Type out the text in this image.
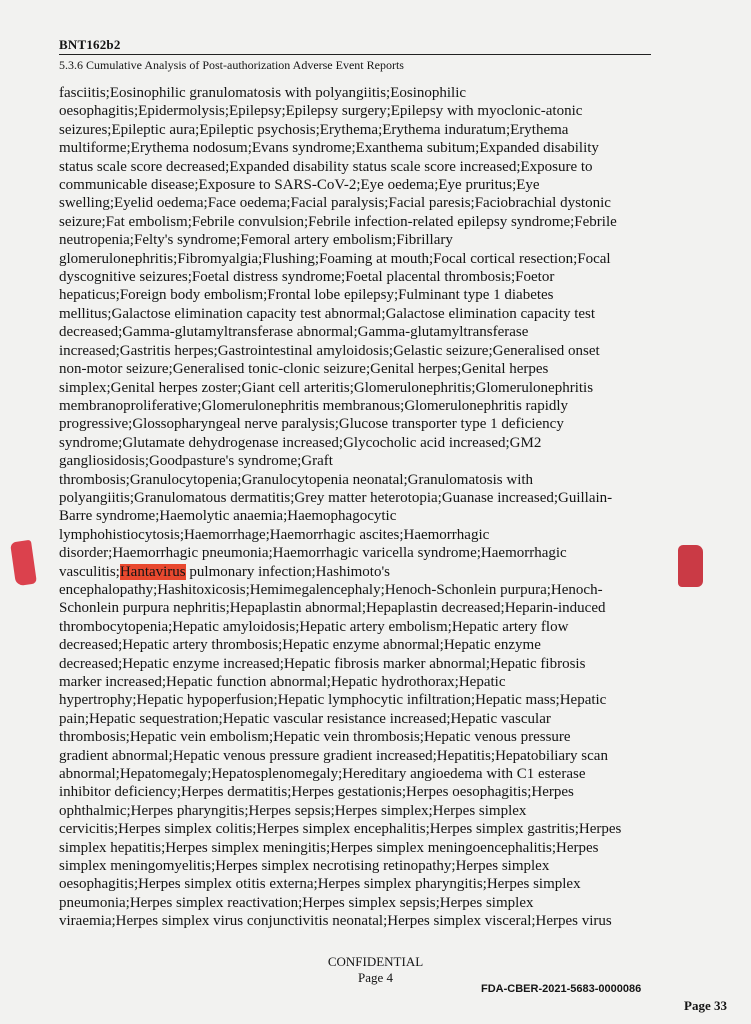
BNT162b2
5.3.6 Cumulative Analysis of Post-authorization Adverse Event Reports
fasciitis;Eosinophilic granulomatosis with polyangiitis;Eosinophilic
oesophagitis;Epidermolysis;Epilepsy;Epilepsy surgery;Epilepsy with myoclonic-atonic
seizures;Epileptic aura;Epileptic psychosis;Erythema;Erythema induratum;Erythema
multiforme;Erythema nodosum;Evans syndrome;Exanthema subitum;Expanded disability
status scale score decreased;Expanded disability status scale score increased;Exposure to
communicable disease;Exposure to SARS-CoV-2;Eye oedema;Eye pruritus;Eye
swelling;Eyelid oedema;Face oedema;Facial paralysis;Facial paresis;Faciobrachial dystonic
seizure;Fat embolism;Febrile convulsion;Febrile infection-related epilepsy syndrome;Febrile
neutropenia;Felty's syndrome;Femoral artery embolism;Fibrillary
glomerulonephritis;Fibromyalgia;Flushing;Foaming at mouth;Focal cortical resection;Focal
dyscognitive seizures;Foetal distress syndrome;Foetal placental thrombosis;Foetor
hepaticus;Foreign body embolism;Frontal lobe epilepsy;Fulminant type 1 diabetes
mellitus;Galactose elimination capacity test abnormal;Galactose elimination capacity test
decreased;Gamma-glutamyltransferase abnormal;Gamma-glutamyltransferase
increased;Gastritis herpes;Gastrointestinal amyloidosis;Gelastic seizure;Generalised onset
non-motor seizure;Generalised tonic-clonic seizure;Genital herpes;Genital herpes
simplex;Genital herpes zoster;Giant cell arteritis;Glomerulonephritis;Glomerulonephritis
membranoproliferative;Glomerulonephritis membranous;Glomerulonephritis rapidly
progressive;Glossopharyngeal nerve paralysis;Glucose transporter type 1 deficiency
syndrome;Glutamate dehydrogenase increased;Glycocholic acid increased;GM2
gangliosidosis;Goodpasture's syndrome;Graft
thrombosis;Granulocytopenia;Granulocytopenia neonatal;Granulomatosis with
polyangiitis;Granulomatous dermatitis;Grey matter heterotopia;Guanase increased;Guillain-
Barre syndrome;Haemolytic anaemia;Haemophagocytic
lymphohistiocytosis;Haemorrhage;Haemorrhagic ascites;Haemorrhagic
disorder;Haemorrhagic pneumonia;Haemorrhagic varicella syndrome;Haemorrhagic
vasculitis;Hantavirus pulmonary infection;Hashimoto's
encephalopathy;Hashitoxicosis;Hemimegalencephaly;Henoch-Schonlein purpura;Henoch-
Schonlein purpura nephritis;Hepaplastin abnormal;Hepaplastin decreased;Heparin-induced
thrombocytopenia;Hepatic amyloidosis;Hepatic artery embolism;Hepatic artery flow
decreased;Hepatic artery thrombosis;Hepatic enzyme abnormal;Hepatic enzyme
decreased;Hepatic enzyme increased;Hepatic fibrosis marker abnormal;Hepatic fibrosis
marker increased;Hepatic function abnormal;Hepatic hydrothorax;Hepatic
hypertrophy;Hepatic hypoperfusion;Hepatic lymphocytic infiltration;Hepatic mass;Hepatic
pain;Hepatic sequestration;Hepatic vascular resistance increased;Hepatic vascular
thrombosis;Hepatic vein embolism;Hepatic vein thrombosis;Hepatic venous pressure
gradient abnormal;Hepatic venous pressure gradient increased;Hepatitis;Hepatobiliary scan
abnormal;Hepatomegaly;Hepatosplenomegaly;Hereditary angioedema with C1 esterase
inhibitor deficiency;Herpes dermatitis;Herpes gestationis;Herpes oesophagitis;Herpes
ophthalmic;Herpes pharyngitis;Herpes sepsis;Herpes simplex;Herpes simplex
cervicitis;Herpes simplex colitis;Herpes simplex encephalitis;Herpes simplex gastritis;Herpes
simplex hepatitis;Herpes simplex meningitis;Herpes simplex meningoencephalitis;Herpes
simplex meningomyelitis;Herpes simplex necrotising retinopathy;Herpes simplex
oesophagitis;Herpes simplex otitis externa;Herpes simplex pharyngitis;Herpes simplex
pneumonia;Herpes simplex reactivation;Herpes simplex sepsis;Herpes simplex
viraemia;Herpes simplex virus conjunctivitis neonatal;Herpes simplex visceral;Herpes virus
CONFIDENTIAL
Page 4
FDA-CBER-2021-5683-0000086
Page 33
